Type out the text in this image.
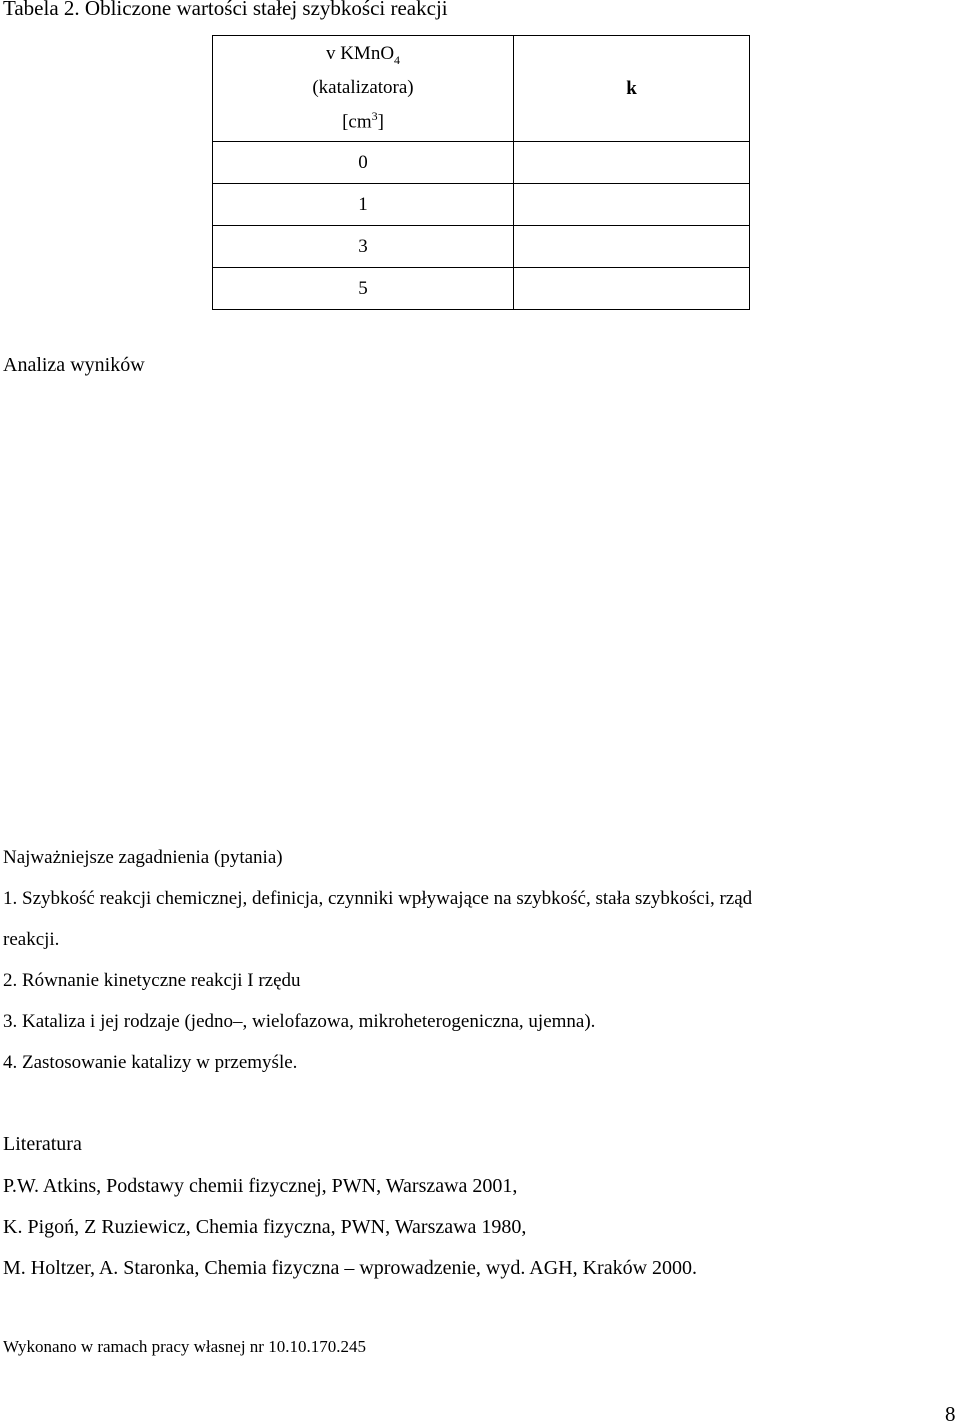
Tabela 2. Obliczone wartości stałej szybkości reakcji
v KMnO$_4$
(katalizatora)
$[cm^3]$	k
0	
1	
3	
5	
Analiza wyników
Najważniejsze zagadnienia (pytania)
1. Szybkość reakcji chemicznej, definicja, czynniki wpływające na szybkość, stała szybkości, rząd
reakcji.
2. Równanie kinetyczne reakcji I rzędu
3. Kataliza i jej rodzaje (jedno–, wielofazowa, mikroheterogeniczna, ujemna).
4. Zastosowanie katalizy w przemyśle.
Literatura
P.W. Atkins, Podstawy chemii fizycznej, PWN, Warszawa 2001,
K. Pigoń, Z Ruziewicz, Chemia fizyczna, PWN, Warszawa 1980,
M. Holtzer, A. Staronka, Chemia fizyczna – wprowadzenie, wyd. AGH, Kraków 2000.
Wykonano w ramach pracy własnej nr 10.10.170.245
8
